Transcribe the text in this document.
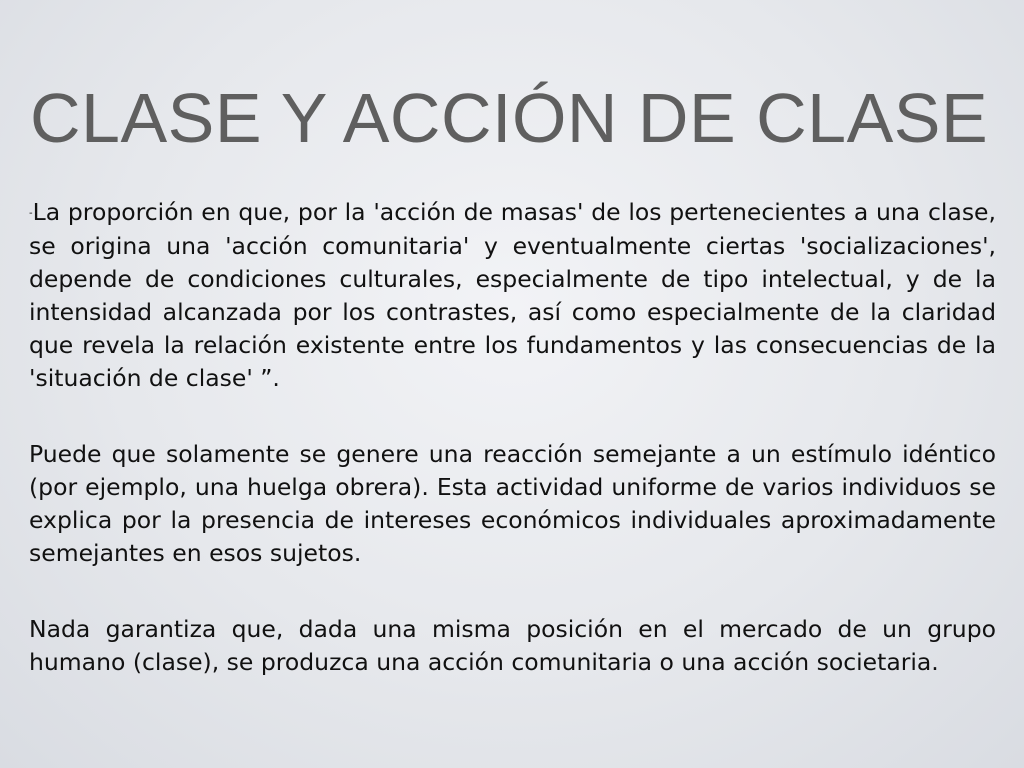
CLASE Y ACCIÓN DE CLASE

-La proporción en que, por la 'acción de masas' de los pertenecientes a una clase, se origina una 'acción comunitaria' y eventualmente ciertas 'socializaciones', depende de condiciones culturales, especialmente de tipo intelectual, y de la intensidad alcanzada por los contrastes, así como especialmente de la claridad que revela la relación existente entre los fundamentos y las consecuencias de la 'situación de clase' ”.

Puede que solamente se genere una reacción semejante a un estímulo idéntico (por ejemplo, una huelga obrera). Esta actividad uniforme de varios individuos se explica por la presencia de intereses económicos individuales aproximadamente semejantes en esos sujetos.

Nada garantiza que, dada una misma posición en el mercado de un grupo humano (clase), se produzca una acción comunitaria o una acción societaria.
